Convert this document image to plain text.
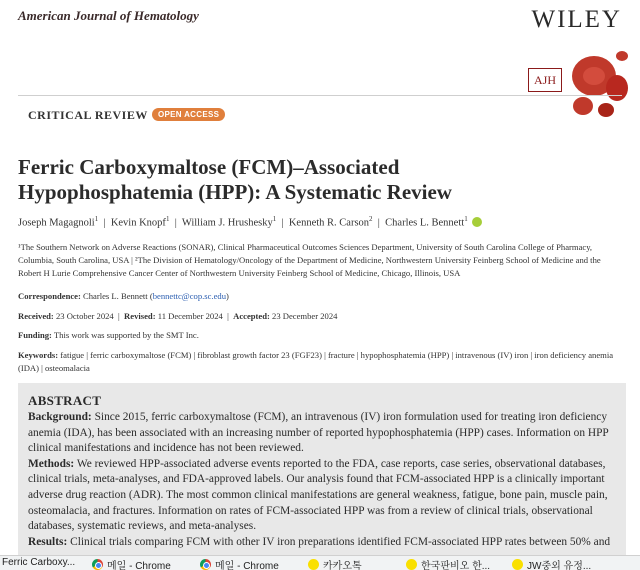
American Journal of Hematology	WILEY
AJH
CRITICAL REVIEW	OPEN ACCESS
Ferric Carboxymaltose (FCM)–Associated Hypophosphatemia (HPP): A Systematic Review
Joseph Magagnoli$^1$  |  Kevin Knopf$^1$  |  William J. Hrushesky$^1$  |  Kenneth R. Carson$^2$  |  Charles L. Bennett$^1$
¹The Southern Network on Adverse Reactions (SONAR), Clinical Pharmaceutical Outcomes Sciences Department, University of South Carolina College of Pharmacy, Columbia, South Carolina, USA | ²The Division of Hematology/Oncology of the Department of Medicine, Northwestern University Feinberg School of Medicine and the Robert H Lurie Comprehensive Cancer Center of Northwestern University Feinberg School of Medicine, Chicago, Illinois, USA
Correspondence: Charles L. Bennett (bennettc@cop.sc.edu)
Received: 23 October 2024  |  Revised: 11 December 2024  |  Accepted: 23 December 2024
Funding: This work was supported by the SMT Inc.
Keywords: fatigue | ferric carboxymaltose (FCM) | fibroblast growth factor 23 (FGF23) | fracture | hypophosphatemia (HPP) | intravenous (IV) iron | iron deficiency anemia (IDA) | osteomalacia
ABSTRACT

Background: Since 2015, ferric carboxymaltose (FCM), an intravenous (IV) iron formulation used for treating iron deficiency anemia (IDA), has been associated with an increasing number of reported hypophosphatemia (HPP) cases. Information on HPP clinical manifestations and incidence has not been reviewed.

Methods: We reviewed HPP-associated adverse events reported to the FDA, case reports, case series, observational databases, clinical trials, meta-analyses, and FDA-approved labels. Our analysis found that FCM-associated HPP is a clinically important adverse drug reaction (ADR). The most common clinical manifestations are general weakness, fatigue, bone pain, muscle pain, osteomalacia, and fractures. Information on rates of FCM-associated HPP was from a review of clinical trials, observational databases, systematic reviews, and meta-analyses.

Results: Clinical trials comparing FCM with other IV iron preparations identified FCM-associated HPP rates between 50% and

Ferric Carboxy...	메일 - Chrome	메일 - Chrome	카카오톡	한국판비오 한...	JW중외 유정...
